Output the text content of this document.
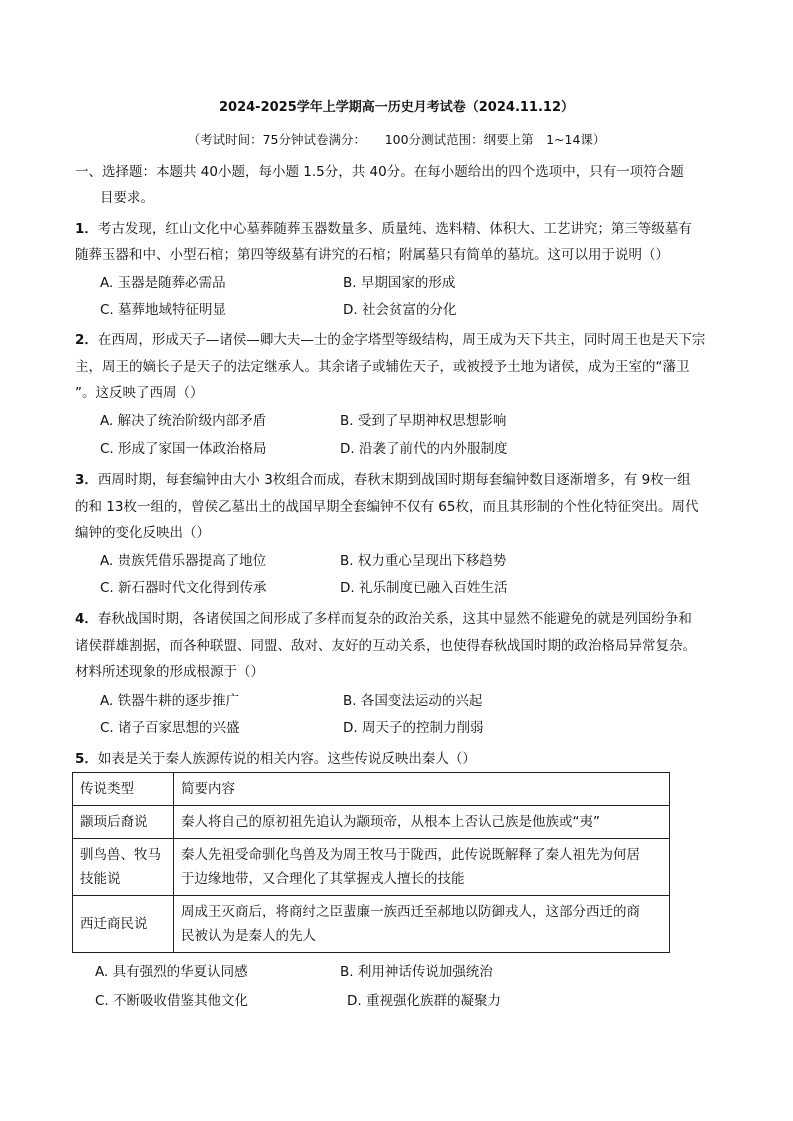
2024-2025学年上学期高一历史月考试卷（2024.11.12）
（考试时间：75分钟试卷满分：　　100分测试范围：纲要上第　1~14课）
一、选择题：本题共 40小题，每小题 1.5分，共 40分。在每小题给出的四个选项中，只有一项符合题
目要求。
1．考古发现，红山文化中心墓葬随葬玉器数量多、质量纯、选料精、体积大、工艺讲究；第三等级墓有
随葬玉器和中、小型石棺；第四等级墓有讲究的石棺；附属墓只有简单的墓坑。这可以用于说明（）
A. 玉器是随葬必需品	B. 早期国家的形成
C. 墓葬地域特征明显	D. 社会贫富的分化
2．在西周，形成天子—诸侯—卿大夫—士的金字塔型等级结构，周王成为天下共主，同时周王也是天下宗
主，周王的嫡长子是天子的法定继承人。其余诸子或辅佐天子，或被授予土地为诸侯，成为王室的“藩卫
”。这反映了西周（）
A. 解决了统治阶级内部矛盾	B. 受到了早期神权思想影响
C. 形成了家国一体政治格局	D. 沿袭了前代的内外服制度
3．西周时期，每套编钟由大小 3枚组合而成，春秋末期到战国时期每套编钟数目逐渐增多，有 9枚一组
的和 13枚一组的，曾侯乙墓出土的战国早期全套编钟不仅有 65枚，而且其形制的个性化特征突出。周代
编钟的变化反映出（）
A. 贵族凭借乐器提高了地位	B. 权力重心呈现出下移趋势
C. 新石器时代文化得到传承	D. 礼乐制度已融入百姓生活
4．春秋战国时期，各诸侯国之间形成了多样而复杂的政治关系，这其中显然不能避免的就是列国纷争和
诸侯群雄割据，而各种联盟、同盟、敌对、友好的互动关系，也使得春秋战国时期的政治格局异常复杂。
材料所述现象的形成根源于（）
A. 铁器牛耕的逐步推广	B. 各国变法运动的兴起
C. 诸子百家思想的兴盛	D. 周天子的控制力削弱
5．如表是关于秦人族源传说的相关内容。这些传说反映出秦人（）
传说类型	简要内容
颛顼后裔说	秦人将自己的原初祖先追认为颛顼帝，从根本上否认己族是他族或“夷”
驯鸟兽、牧马技能说	秦人先祖受命驯化鸟兽及为周王牧马于陇西，此传说既解释了秦人祖先为何居
于边缘地带，又合理化了其掌握戎人擅长的技能
西迁商民说	周成王灭商后，将商纣之臣蜚廉一族西迁至郝地以防御戎人，这部分西迁的商
民被认为是秦人的先人
A. 具有强烈的华夏认同感	B. 利用神话传说加强统治
C. 不断吸收借鉴其他文化	D. 重视强化族群的凝聚力
